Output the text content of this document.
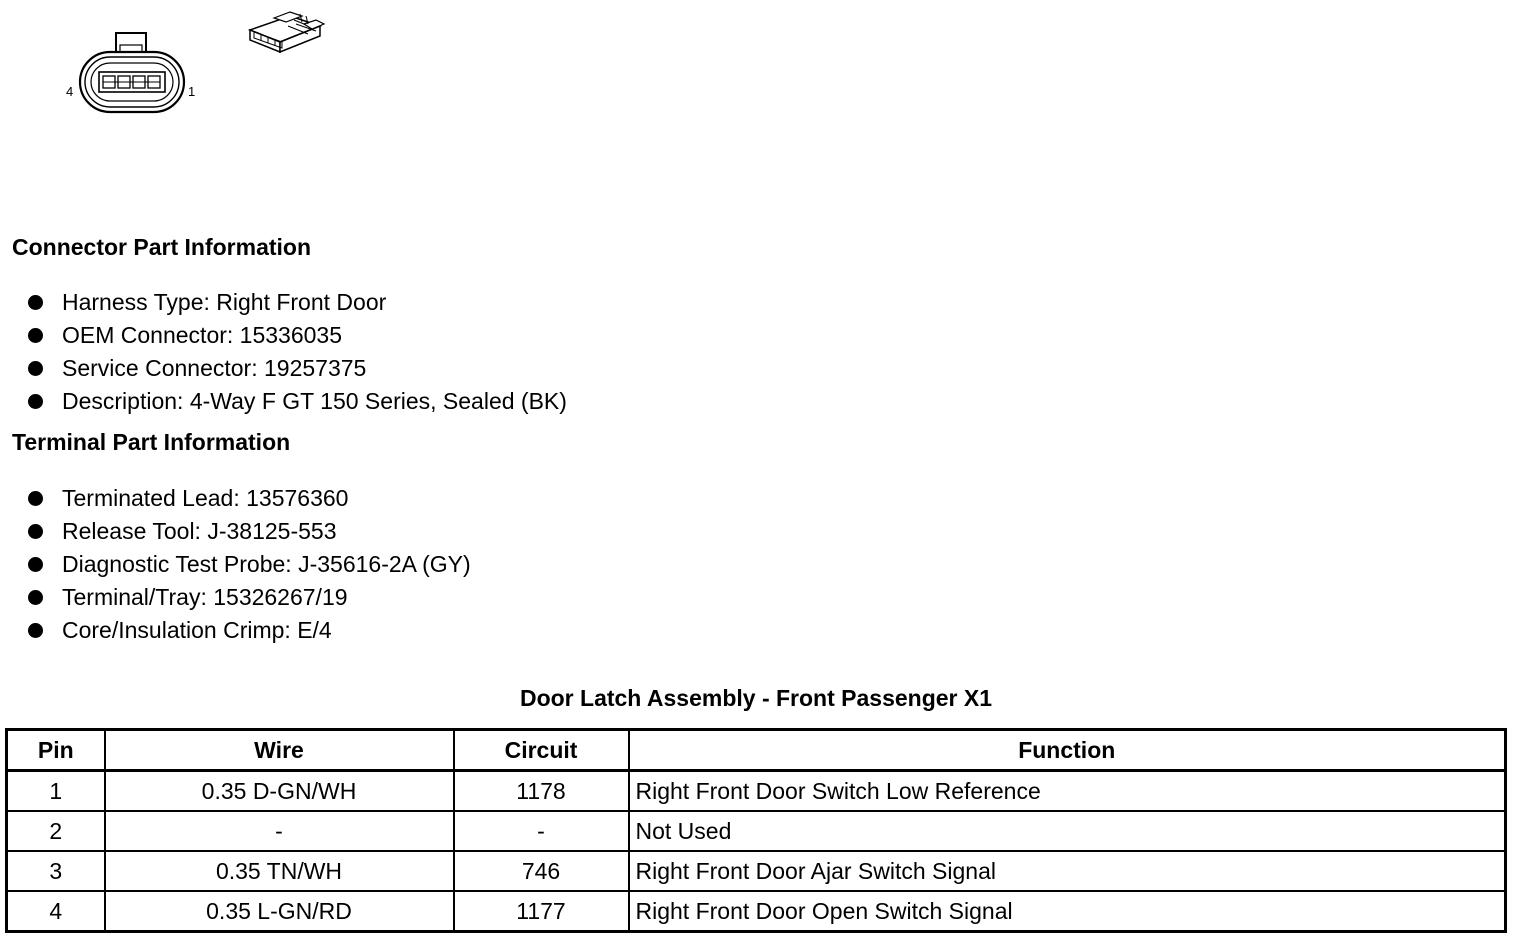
4	1
Connector Part Information
Harness Type: Right Front Door
OEM Connector: 15336035
Service Connector: 19257375
Description: 4-Way F GT 150 Series, Sealed (BK)
Terminal Part Information
Terminated Lead: 13576360
Release Tool: J-38125-553
Diagnostic Test Probe: J-35616-2A (GY)
Terminal/Tray: 15326267/19
Core/Insulation Crimp: E/4
Door Latch Assembly - Front Passenger X1
Pin	Wire	Circuit	Function
1	0.35 D-GN/WH	1178	Right Front Door Switch Low Reference
2	-	-	Not Used
3	0.35 TN/WH	746	Right Front Door Ajar Switch Signal
4	0.35 L-GN/RD	1177	Right Front Door Open Switch Signal
